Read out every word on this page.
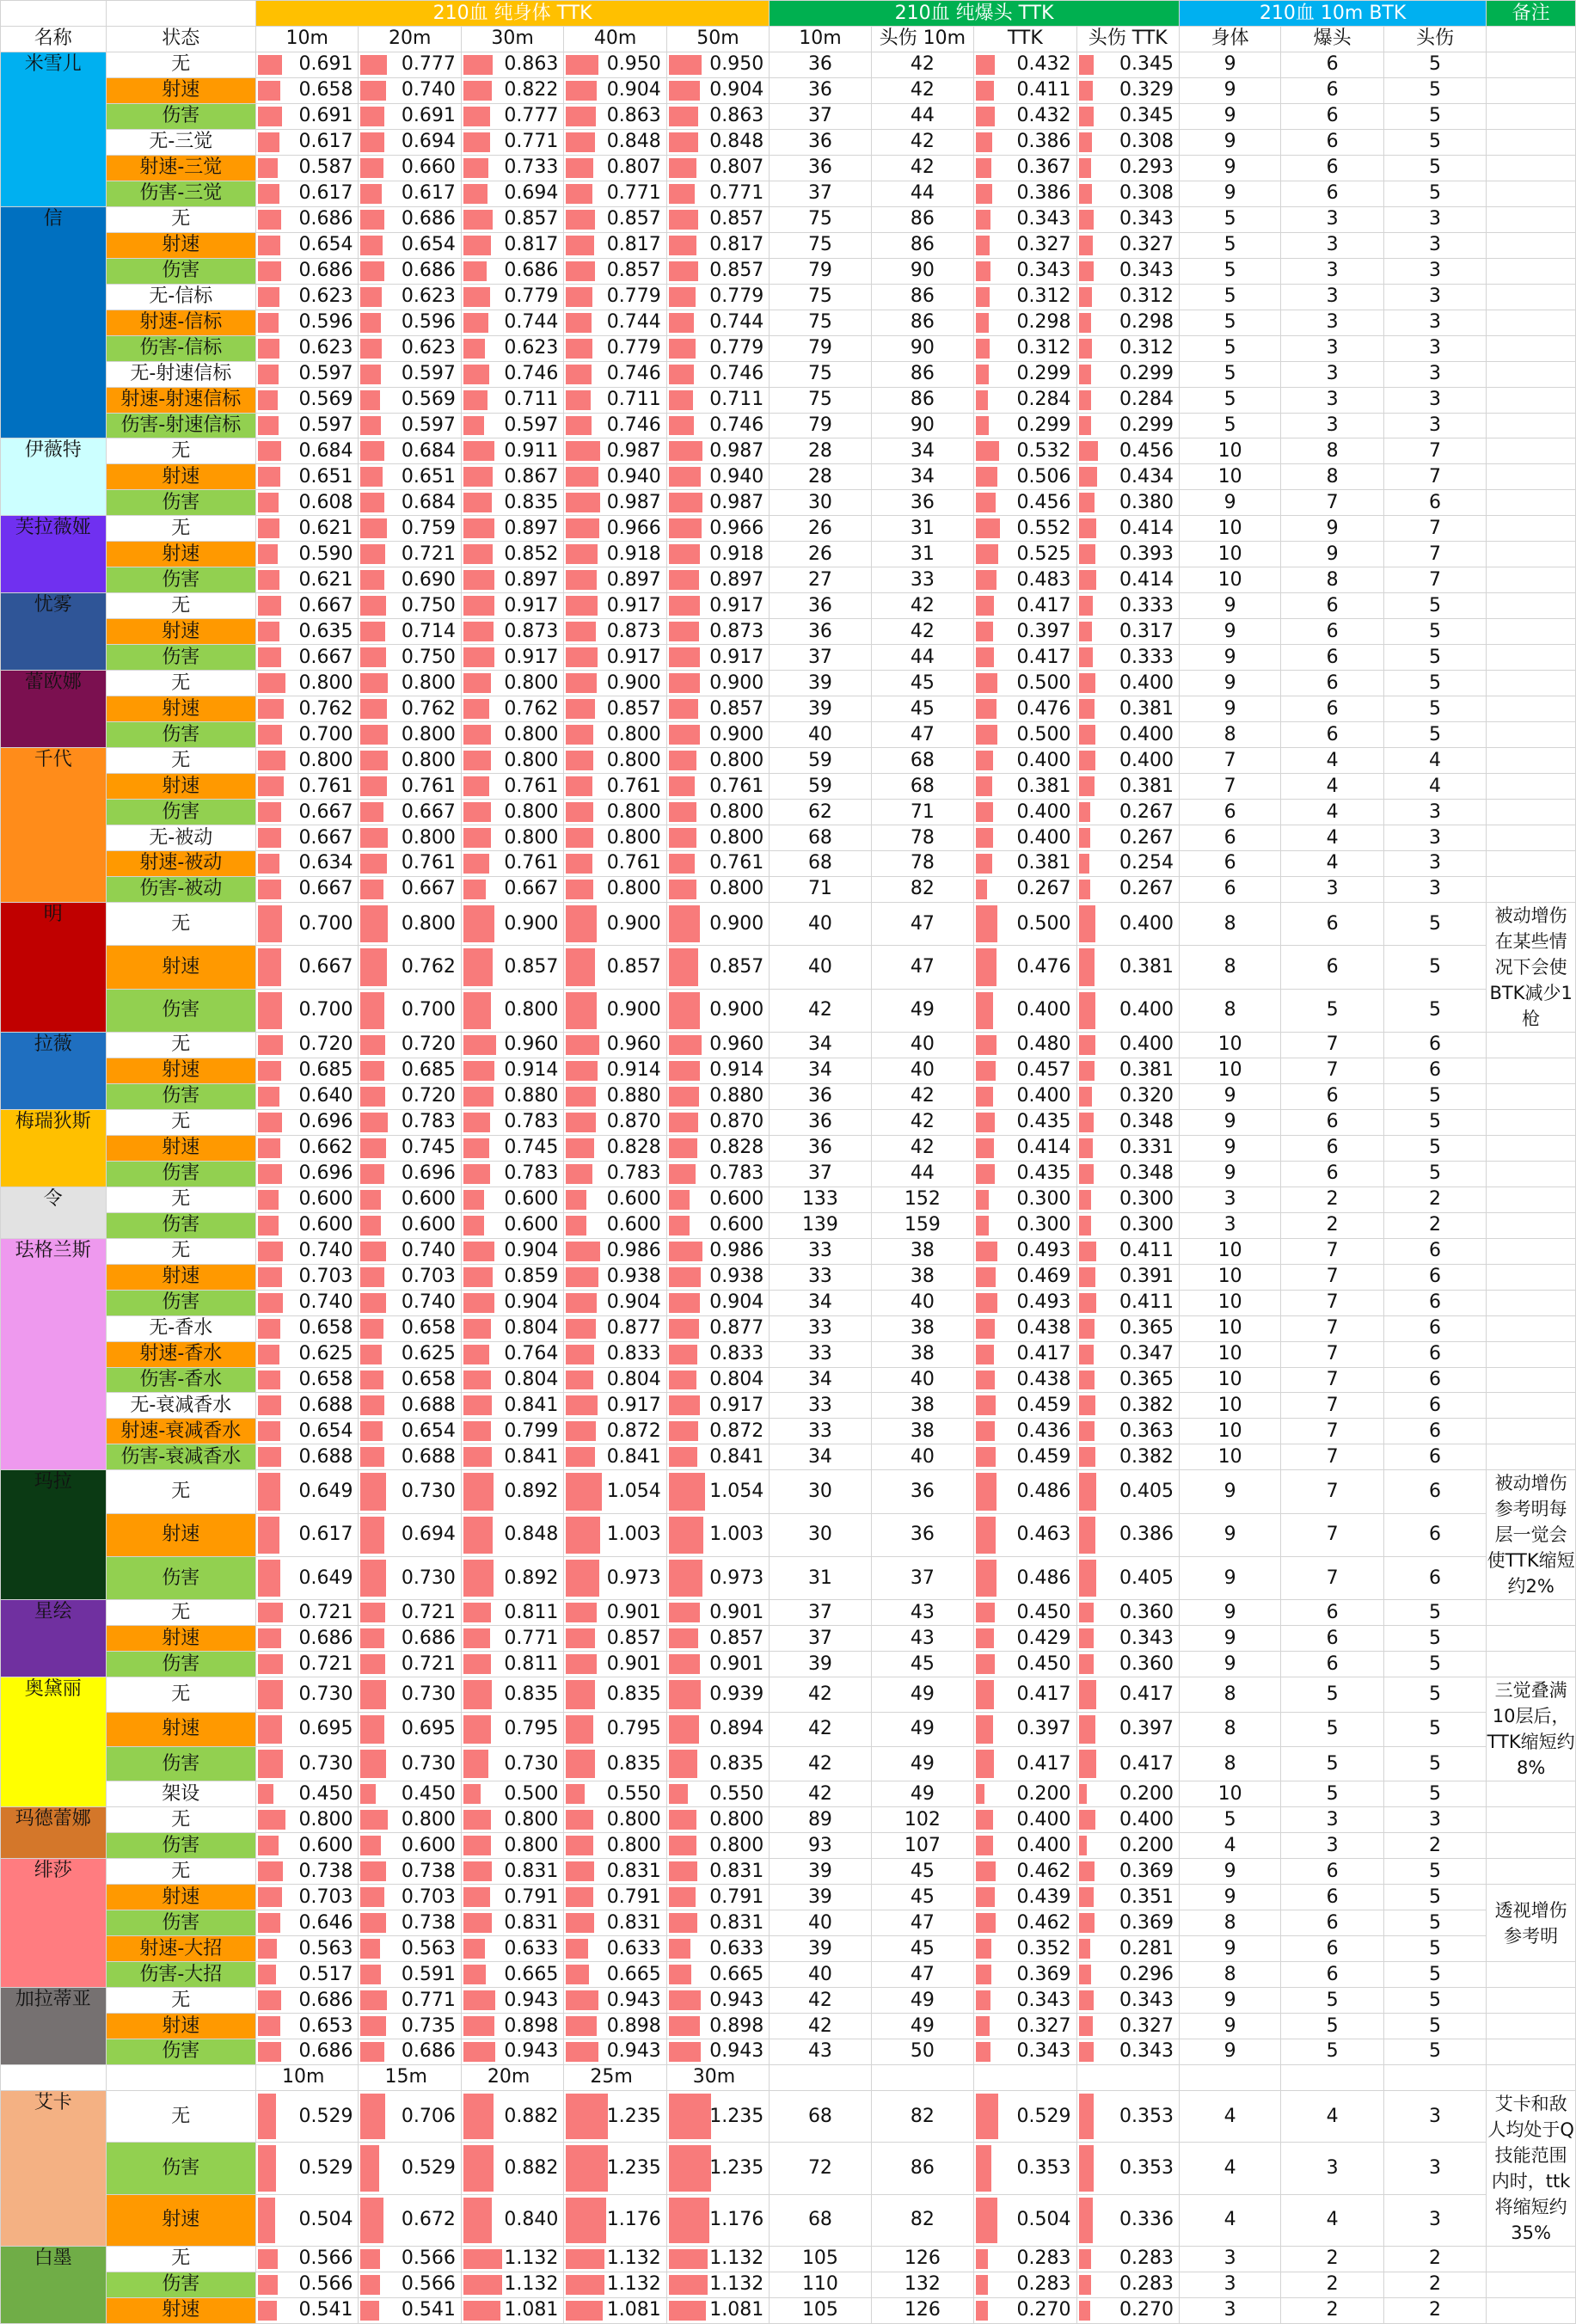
		210血 纯身体 TTK					210血 纯爆头 TTK				210血 10m BTK			备注
名称	状态	10m	20m	30m	40m	50m	10m	头伤 10m	TTK	头伤 TTK	身体	爆头	头伤	
米雪儿	无	0.691	0.777	0.863	0.950	0.950	36	42	0.432	0.345	9	6	5	
	射速	0.658	0.740	0.822	0.904	0.904	36	42	0.411	0.329	9	6	5	
	伤害	0.691	0.691	0.777	0.863	0.863	37	44	0.432	0.345	9	6	5	
	无-三觉	0.617	0.694	0.771	0.848	0.848	36	42	0.386	0.308	9	6	5	
	射速-三觉	0.587	0.660	0.733	0.807	0.807	36	42	0.367	0.293	9	6	5	
	伤害-三觉	0.617	0.617	0.694	0.771	0.771	37	44	0.386	0.308	9	6	5	
信	无	0.686	0.686	0.857	0.857	0.857	75	86	0.343	0.343	5	3	3	
	射速	0.654	0.654	0.817	0.817	0.817	75	86	0.327	0.327	5	3	3	
	伤害	0.686	0.686	0.686	0.857	0.857	79	90	0.343	0.343	5	3	3	
	无-信标	0.623	0.623	0.779	0.779	0.779	75	86	0.312	0.312	5	3	3	
	射速-信标	0.596	0.596	0.744	0.744	0.744	75	86	0.298	0.298	5	3	3	
	伤害-信标	0.623	0.623	0.623	0.779	0.779	79	90	0.312	0.312	5	3	3	
	无-射速信标	0.597	0.597	0.746	0.746	0.746	75	86	0.299	0.299	5	3	3	
	射速-射速信标	0.569	0.569	0.711	0.711	0.711	75	86	0.284	0.284	5	3	3	
	伤害-射速信标	0.597	0.597	0.597	0.746	0.746	79	90	0.299	0.299	5	3	3	
伊薇特	无	0.684	0.684	0.911	0.987	0.987	28	34	0.532	0.456	10	8	7	
	射速	0.651	0.651	0.867	0.940	0.940	28	34	0.506	0.434	10	8	7	
	伤害	0.608	0.684	0.835	0.987	0.987	30	36	0.456	0.380	9	7	6	
芙拉薇娅	无	0.621	0.759	0.897	0.966	0.966	26	31	0.552	0.414	10	9	7	
	射速	0.590	0.721	0.852	0.918	0.918	26	31	0.525	0.393	10	9	7	
	伤害	0.621	0.690	0.897	0.897	0.897	27	33	0.483	0.414	10	8	7	
忧雾	无	0.667	0.750	0.917	0.917	0.917	36	42	0.417	0.333	9	6	5	
	射速	0.635	0.714	0.873	0.873	0.873	36	42	0.397	0.317	9	6	5	
	伤害	0.667	0.750	0.917	0.917	0.917	37	44	0.417	0.333	9	6	5	
蕾欧娜	无	0.800	0.800	0.800	0.900	0.900	39	45	0.500	0.400	9	6	5	
	射速	0.762	0.762	0.762	0.857	0.857	39	45	0.476	0.381	9	6	5	
	伤害	0.700	0.800	0.800	0.800	0.900	40	47	0.500	0.400	8	6	5	
千代	无	0.800	0.800	0.800	0.800	0.800	59	68	0.400	0.400	7	4	4	
	射速	0.761	0.761	0.761	0.761	0.761	59	68	0.381	0.381	7	4	4	
	伤害	0.667	0.667	0.800	0.800	0.800	62	71	0.400	0.267	6	4	3	
	无-被动	0.667	0.800	0.800	0.800	0.800	68	78	0.400	0.267	6	4	3	
	射速-被动	0.634	0.761	0.761	0.761	0.761	68	78	0.381	0.254	6	4	3	
	伤害-被动	0.667	0.667	0.667	0.800	0.800	71	82	0.267	0.267	6	3	3	
明	无	0.700	0.800	0.900	0.900	0.900	40	47	0.500	0.400	8	6	5	被动增伤在某些情况下会使BTK减少1枪
	射速	0.667	0.762	0.857	0.857	0.857	40	47	0.476	0.381	8	6	5	
	伤害	0.700	0.700	0.800	0.900	0.900	42	49	0.400	0.400	8	5	5	
拉薇	无	0.720	0.720	0.960	0.960	0.960	34	40	0.480	0.400	10	7	6	
	射速	0.685	0.685	0.914	0.914	0.914	34	40	0.457	0.381	10	7	6	
	伤害	0.640	0.720	0.880	0.880	0.880	36	42	0.400	0.320	9	6	5	
梅瑞狄斯	无	0.696	0.783	0.783	0.870	0.870	36	42	0.435	0.348	9	6	5	
	射速	0.662	0.745	0.745	0.828	0.828	36	42	0.414	0.331	9	6	5	
	伤害	0.696	0.696	0.783	0.783	0.783	37	44	0.435	0.348	9	6	5	
令	无	0.600	0.600	0.600	0.600	0.600	133	152	0.300	0.300	3	2	2	
	伤害	0.600	0.600	0.600	0.600	0.600	139	159	0.300	0.300	3	2	2	
珐格兰斯	无	0.740	0.740	0.904	0.986	0.986	33	38	0.493	0.411	10	7	6	
	射速	0.703	0.703	0.859	0.938	0.938	33	38	0.469	0.391	10	7	6	
	伤害	0.740	0.740	0.904	0.904	0.904	34	40	0.493	0.411	10	7	6	
	无-香水	0.658	0.658	0.804	0.877	0.877	33	38	0.438	0.365	10	7	6	
	射速-香水	0.625	0.625	0.764	0.833	0.833	33	38	0.417	0.347	10	7	6	
	伤害-香水	0.658	0.658	0.804	0.804	0.804	34	40	0.438	0.365	10	7	6	
	无-衰减香水	0.688	0.688	0.841	0.917	0.917	33	38	0.459	0.382	10	7	6	
	射速-衰减香水	0.654	0.654	0.799	0.872	0.872	33	38	0.436	0.363	10	7	6	
	伤害-衰减香水	0.688	0.688	0.841	0.841	0.841	34	40	0.459	0.382	10	7	6	
玛拉	无	0.649	0.730	0.892	1.054	1.054	30	36	0.486	0.405	9	7	6	被动增伤参考明每层一觉会使TTK缩短约2%
	射速	0.617	0.694	0.848	1.003	1.003	30	36	0.463	0.386	9	7	6	
	伤害	0.649	0.730	0.892	0.973	0.973	31	37	0.486	0.405	9	7	6	
星绘	无	0.721	0.721	0.811	0.901	0.901	37	43	0.450	0.360	9	6	5	
	射速	0.686	0.686	0.771	0.857	0.857	37	43	0.429	0.343	9	6	5	
	伤害	0.721	0.721	0.811	0.901	0.901	39	45	0.450	0.360	9	6	5	
奥黛丽	无	0.730	0.730	0.835	0.835	0.939	42	49	0.417	0.417	8	5	5	三觉叠满10层后，TTK缩短约8%
	射速	0.695	0.695	0.795	0.795	0.894	42	49	0.397	0.397	8	5	5	
	伤害	0.730	0.730	0.730	0.835	0.835	42	49	0.417	0.417	8	5	5	
	架设	0.450	0.450	0.500	0.550	0.550	42	49	0.200	0.200	10	5	5	
玛德蕾娜	无	0.800	0.800	0.800	0.800	0.800	89	102	0.400	0.400	5	3	3	
	伤害	0.600	0.600	0.800	0.800	0.800	93	107	0.400	0.200	4	3	2	
绯莎	无	0.738	0.738	0.831	0.831	0.831	39	45	0.462	0.369	9	6	5	
	射速	0.703	0.703	0.791	0.791	0.791	39	45	0.439	0.351	9	6	5	透视增伤参考明
	伤害	0.646	0.738	0.831	0.831	0.831	40	47	0.462	0.369	8	6	5	
	射速-大招	0.563	0.563	0.633	0.633	0.633	39	45	0.352	0.281	9	6	5	
	伤害-大招	0.517	0.591	0.665	0.665	0.665	40	47	0.369	0.296	8	6	5	
加拉蒂亚	无	0.686	0.771	0.943	0.943	0.943	42	49	0.343	0.343	9	5	5	
	射速	0.653	0.735	0.898	0.898	0.898	42	49	0.327	0.327	9	5	5	
	伤害	0.686	0.686	0.943	0.943	0.943	43	50	0.343	0.343	9	5	5	
		10m	15m	20m	25m	30m								
艾卡	无	0.529	0.706	0.882	1.235	1.235	68	82	0.529	0.353	4	4	3	艾卡和敌人均处于Q技能范围内时，ttk将缩短约35%
	伤害	0.529	0.529	0.882	1.235	1.235	72	86	0.353	0.353	4	3	3	
	射速	0.504	0.672	0.840	1.176	1.176	68	82	0.504	0.336	4	4	3	
白墨	无	0.566	0.566	1.132	1.132	1.132	105	126	0.283	0.283	3	2	2	
	伤害	0.566	0.566	1.132	1.132	1.132	110	132	0.283	0.283	3	2	2	
	射速	0.541	0.541	1.081	1.081	1.081	105	126	0.270	0.270	3	2	2	
